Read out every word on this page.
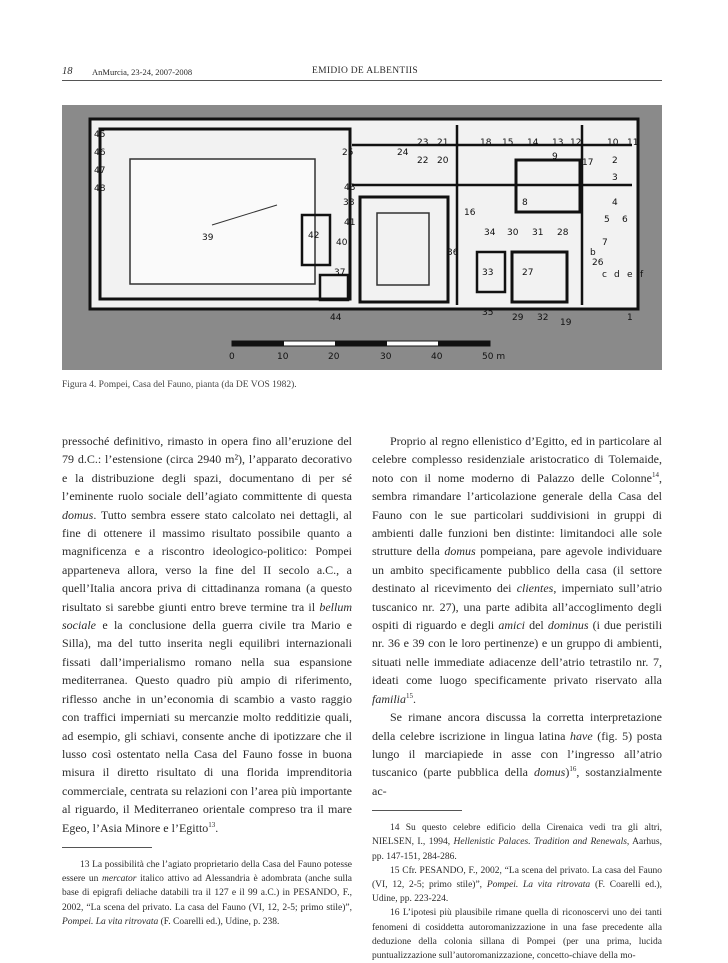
18 AnMurcia, 23-24, 2007-2008	EMIDIO DE ALBENTIIS
45
46
47
48
39
25	24
23 21
22 20
18 15 14 13 12	10 11
9	2
3
4
5 6
7
1
43
8
38
16
41
42
40
37
36
34 30 31 28
27
26
b
c d e f
44	35
33
29 32 19
17
0	10	20	30	40	50 m
Figura 4. Pompei, Casa del Fauno, pianta (da DE VOS 1982).

pressoché definitivo, rimasto in opera fino all’eruzione del 79 d.C.: l’estensione (circa 2940 m²), l’apparato decorativo e la distribuzione degli spazi, documentano di per sé l’eminente ruolo sociale dell’agiato committente di questa domus. Tutto sembra essere stato calcolato nei dettagli, al fine di ottenere il massimo risultato possibile quanto a magnificenza e a riscontro ideologico-politico: Pompei apparteneva allora, verso la fine del II secolo a.C., a quell’Italia ancora priva di cittadinanza romana (a questo risultato si sarebbe giunti entro breve termine tra il bellum sociale e la conclusione della guerra civile tra Mario e Silla), ma del tutto inserita negli equilibri internazionali fissati dall’imperialismo romano nella sua espansione mediterranea. Questo quadro più ampio di riferimento, riflesso anche in un’economia di scambio a vasto raggio con traffici imperniati su mercanzie molto redditizie quali, ad esempio, gli schiavi, consente anche di ipotizzare che il lusso così ostentato nella Casa del Fauno fosse in buona misura il diretto risultato di una florida imprenditoria commerciale, centrata su relazioni con l’area più importante al riguardo, il Mediterraneo orientale compreso tra il mare Egeo, l’Asia Minore e l’Egitto$^{13}$.

13 La possibilità che l’agiato proprietario della Casa del Fauno potesse essere un mercator italico attivo ad Alessandria è adombrata (anche sulla base di epigrafi deliache databili tra il 127 e il 99 a.C.) in PESANDO, F., 2002, “La scena del privato. La casa del Fauno (VI, 12, 2-5; primo stile)”, Pompei. La vita ritrovata (F. Coarelli ed.), Udine, p. 238.

Proprio al regno ellenistico d’Egitto, ed in particolare al celebre complesso residenziale aristocratico di Tolemaide, noto con il nome moderno di Palazzo delle Colonne$^{14}$, sembra rimandare l’articolazione generale della Casa del Fauno con le sue particolari suddivisioni in gruppi di ambienti dalle funzioni ben distinte: limitandoci alle sole strutture della domus pompeiana, pare agevole individuare un ambito specificamente pubblico della casa (il settore destinato al ricevimento dei clientes, imperniato sull’atrio tuscanico nr. 27), una parte adibita all’accoglimento degli ospiti di riguardo e degli amici del dominus (i due peristili nr. 36 e 39 con le loro pertinenze) e un gruppo di ambienti, situati nelle immediate adiacenze dell’atrio tetrastilo nr. 7, ideati come luogo specificamente privato riservato alla familia$^{15}$.

Se rimane ancora discussa la corretta interpretazione della celebre iscrizione in lingua latina have (fig. 5) posta lungo il marciapiede in asse con l’ingresso all’atrio tuscanico (parte pubblica della domus)$^{16}$, sostanzialmente ac-

14 Su questo celebre edificio della Cirenaica vedi tra gli altri, NIELSEN, I., 1994, Hellenistic Palaces. Tradition and Renewals, Aarhus, pp. 147-151, 284-286.

15 Cfr. PESANDO, F., 2002, “La scena del privato. La casa del Fauno (VI, 12, 2-5; primo stile)”, Pompei. La vita ritrovata (F. Coarelli ed.), Udine, pp. 223-224.

16 L’ipotesi più plausibile rimane quella di riconoscervi uno dei tanti fenomeni di cosiddetta autoromanizzazione in una fase precedente alla deduzione della colonia sillana di Pompei (per una prima, lucida puntualizzazione sull’autoromanizzazione, concetto-chiave della mo-
